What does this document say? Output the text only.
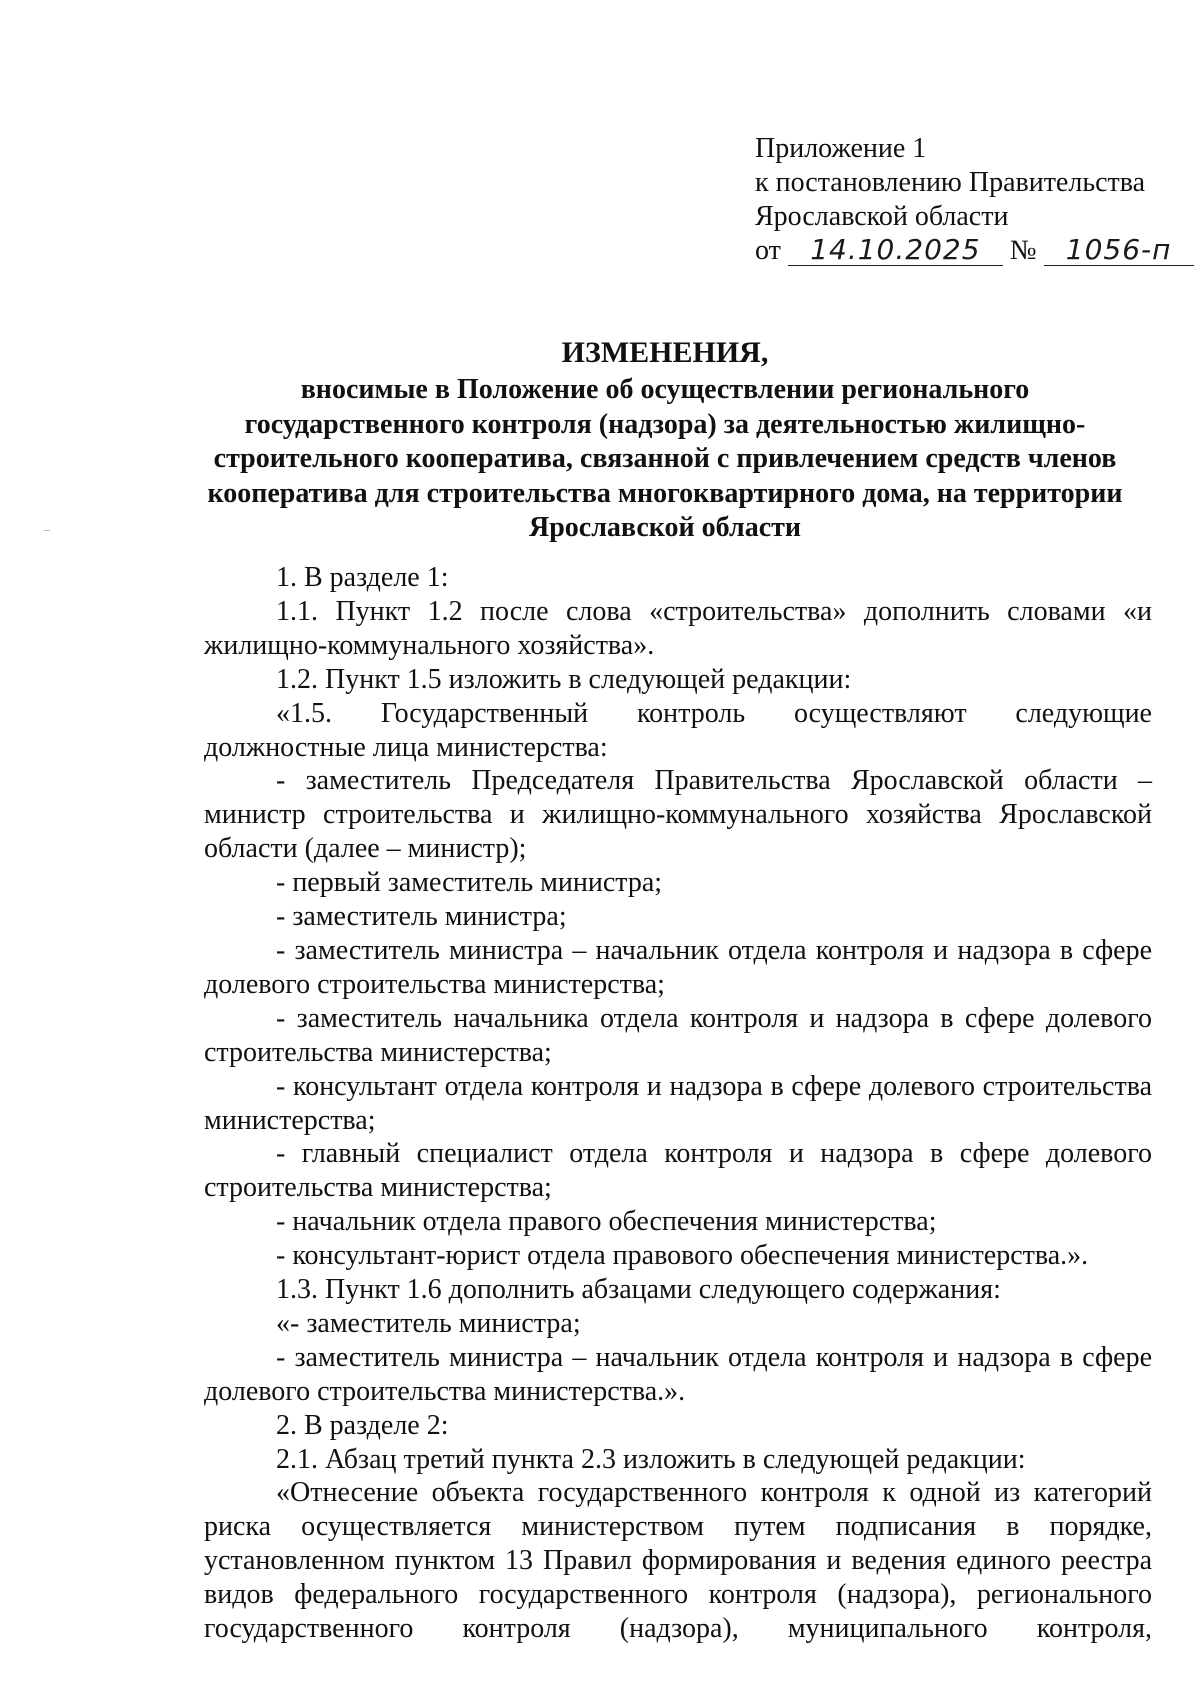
Приложение 1
к постановлению Правительства
Ярославской области
от 14.10.2025 № 1056-п
ИЗМЕНЕНИЯ,
вносимые в Положение об осуществлении регионального государственного контроля (надзора) за деятельностью жилищно-строительного кооператива, связанной с привлечением средств членов кооператива для строительства многоквартирного дома, на территории Ярославской области

1. В разделе 1:

1.1. Пункт 1.2 после слова «строительства» дополнить словами «и жилищно-коммунального хозяйства».

1.2. Пункт 1.5 изложить в следующей редакции:

«1.5. Государственный контроль осуществляют следующие должностные лица министерства:

- заместитель Председателя Правительства Ярославской области – министр строительства и жилищно-коммунального хозяйства Ярославской области (далее – министр);

- первый заместитель министра;

- заместитель министра;

- заместитель министра – начальник отдела контроля и надзора в сфере долевого строительства министерства;

- заместитель начальника отдела контроля и надзора в сфере долевого строительства министерства;

- консультант отдела контроля и надзора в сфере долевого строительства министерства;

- главный специалист отдела контроля и надзора в сфере долевого строительства министерства;

- начальник отдела правого обеспечения министерства;

- консультант-юрист отдела правового обеспечения министерства.».

1.3. Пункт 1.6 дополнить абзацами следующего содержания:

«- заместитель министра;

- заместитель министра – начальник отдела контроля и надзора в сфере долевого строительства министерства.».

2. В разделе 2:

2.1. Абзац третий пункта 2.3 изложить в следующей редакции:

«Отнесение объекта государственного контроля к одной из категорий риска осуществляется министерством путем подписания в порядке, установленном пунктом 13 Правил формирования и ведения единого реестра видов федерального государственного контроля (надзора), регионального государственного контроля (надзора), муниципального контроля,
